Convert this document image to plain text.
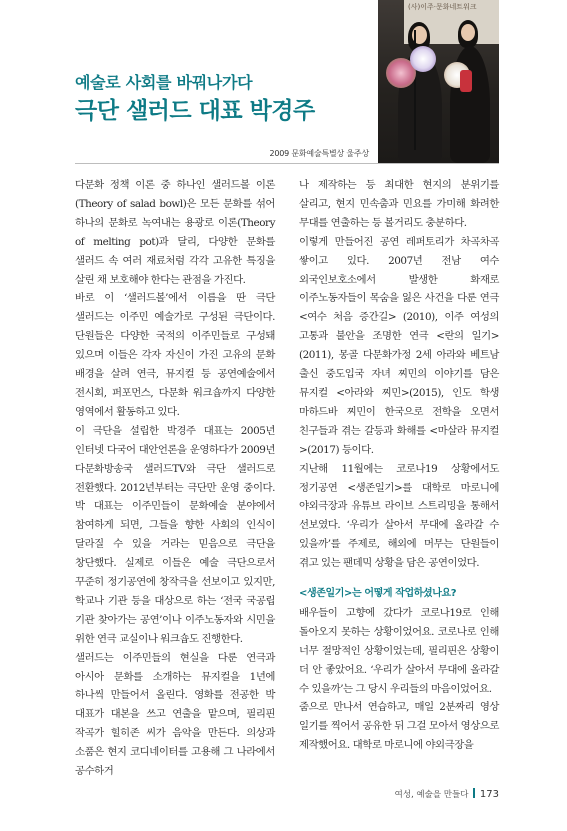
예술로 사회를 바꿔나가다
극단 샐러드 대표 박경주
(사)이주·문화네트워크
2009 문화예술특별상 울주상

다문화 정책 이론 중 하나인 샐러드볼 이론(Theory of salad bowl)은 모든 문화를 섞어 하나의 문화로 녹여내는 용광로 이론(Theory of melting pot)과 달리, 다양한 문화를 샐러드 속 여러 재료처럼 각각 고유한 특징을 살린 채 보호해야 한다는 관점을 가진다.

바로 이 ‘샐러드볼’에서 이름을 딴 극단 샐러드는 이주민 예술가로 구성된 극단이다. 단원들은 다양한 국적의 이주민들로 구성돼 있으며 이들은 각자 자신이 가진 고유의 문화 배경을 살려 연극, 뮤지컬 등 공연예술에서 전시회, 퍼포먼스, 다문화 워크숍까지 다양한 영역에서 활동하고 있다.

이 극단을 설립한 박경주 대표는 2005년 인터넷 다국어 대안언론을 운영하다가 2009년 다문화방송국 샐러드TV와 극단 샐러드로 전환했다. 2012년부터는 극단만 운영 중이다. 박 대표는 이주민들이 문화예술 분야에서 참여하게 되면, 그들을 향한 사회의 인식이 달라질 수 있을 거라는 믿음으로 극단을 창단했다. 실제로 이들은 예술 극단으로서 꾸준히 정기공연에 창작극을 선보이고 있지만, 학교나 기관 등을 대상으로 하는 ‘전국 국공립 기관 찾아가는 공연’이나 이주노동자와 시민을 위한 연극 교실이나 워크숍도 진행한다.

샐러드는 이주민들의 현실을 다룬 연극과 아시아 문화를 소개하는 뮤지컬을 1년에 하나씩 만들어서 올린다. 영화를 전공한 박 대표가 대본을 쓰고 연출을 맡으며, 필리핀 작곡가 힐히존 씨가 음악을 만든다. 의상과 소품은 현지 코디네이터를 고용해 그 나라에서 공수하거

나 제작하는 등 최대한 현지의 분위기를 살리고, 현지 민속춤과 민요를 가미해 화려한 무대를 연출하는 등 볼거리도 충분하다.

이렇게 만들어진 공연 레퍼토리가 차곡차곡 쌓이고 있다. 2007년 전남 여수 외국인보호소에서 발생한 화재로 이주노동자들이 목숨을 잃은 사건을 다룬 연극 <여수 처음 증간길> (2010), 이주 여성의 고통과 불안을 조명한 연극 <란의 일기>(2011), 몽골 다문화가정 2세 아라와 베트남 출신 중도입국 자녀 찌민의 이야기를 담은 뮤지컬 <아라와 찌민>(2015), 인도 학생 마하드바 찌민이 한국으로 전학을 오면서 친구들과 겪는 갈등과 화해를 <마살라 뮤지컬>(2017) 등이다.

지난해 11월에는 코로나19 상황에서도 정기공연 <생존일기>를 대학로 마로니에 야외극장과 유튜브 라이브 스트리밍을 통해서 선보였다. ‘우리가 살아서 무대에 올라갈 수 있을까’를 주제로, 해외에 머무는 단원들이 겪고 있는 팬데믹 상황을 담은 공연이었다.

<생존일기>는 어떻게 작업하셨나요?

배우들이 고향에 갔다가 코로나19로 인해 돌아오지 못하는 상황이었어요. 코로나로 인해 너무 절망적인 상황이었는데, 필리핀은 상황이 더 안 좋았어요. ‘우리가 살아서 무대에 올라갈 수 있을까’는 그 당시 우리들의 마음이었어요.

줌으로 만나서 연습하고, 매일 2분짜리 영상 일기를 찍어서 공유한 뒤 그걸 모아서 영상으로 제작했어요. 대학로 마로니에 야외극장을

여성, 예술을 만들다 173
